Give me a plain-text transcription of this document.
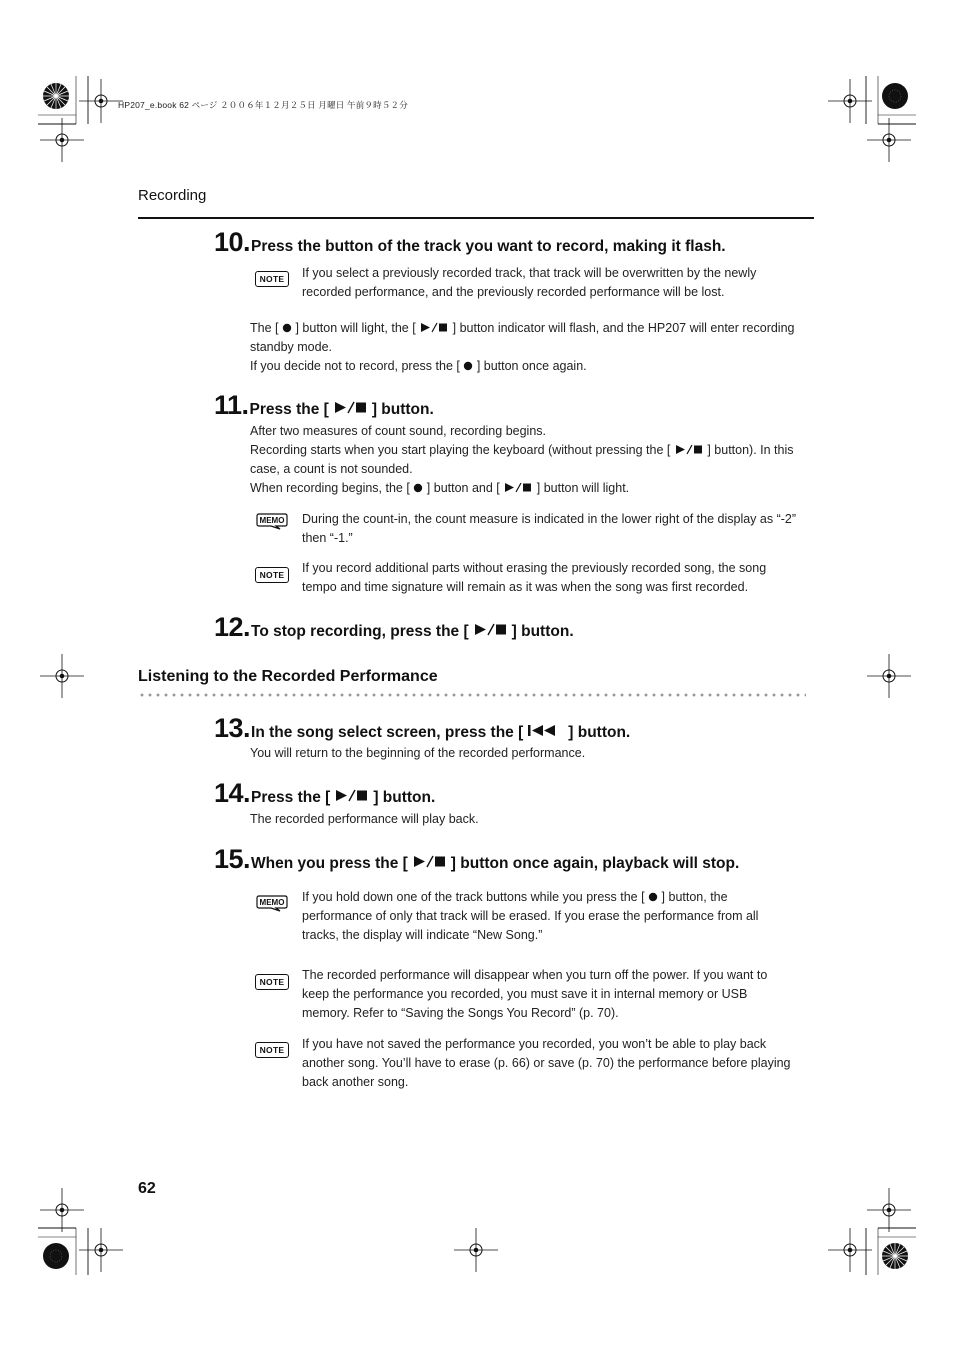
HP207_e.book 62 ページ ２００６年１２月２５日 月曜日 午前９時５２分
Recording
10. Press the button of the track you want to record, making it flash.
NOTE	If you select a previously recorded track, that track will be overwritten by the newly recorded performance, and the previously recorded performance will be lost.

The [ ] button will light, the [	] button indicator will flash, and the HP207 will enter recording standby mode.

If you decide not to record, press the [ ] button once again.

11. Press the [	] button.

After two measures of count sound, recording begins.

Recording starts when you start playing the keyboard (without pressing the [	] button). In this case, a count is not sounded.

When recording begins, the [ ] button and [	] button will light.

MEMO During the count-in, the count measure is indicated in the lower right of the display as “-2” then “-1.”
NOTE	If you record additional parts without erasing the previously recorded song, the song tempo and time signature will remain as it was when the song was first recorded.
12. To stop recording, press the [	] button.
Listening to the Recorded Performance
13. In the song select screen, press the [	] button.
You will return to the beginning of the recorded performance.
14. Press the [	] button.
The recorded performance will play back.
15. When you press the [	] button once again, playback will stop.
MEMO If you hold down one of the track buttons while you press the [ ] button, the performance of only that track will be erased. If you erase the performance from all tracks, the display will indicate “New Song.”
NOTE	The recorded performance will disappear when you turn off the power. If you want to keep the performance you recorded, you must save it in internal memory or USB memory. Refer to “Saving the Songs You Record” (p. 70).
NOTE	If you have not saved the performance you recorded, you won’t be able to play back another song. You’ll have to erase (p. 66) or save (p. 70) the performance before playing back another song.
62
